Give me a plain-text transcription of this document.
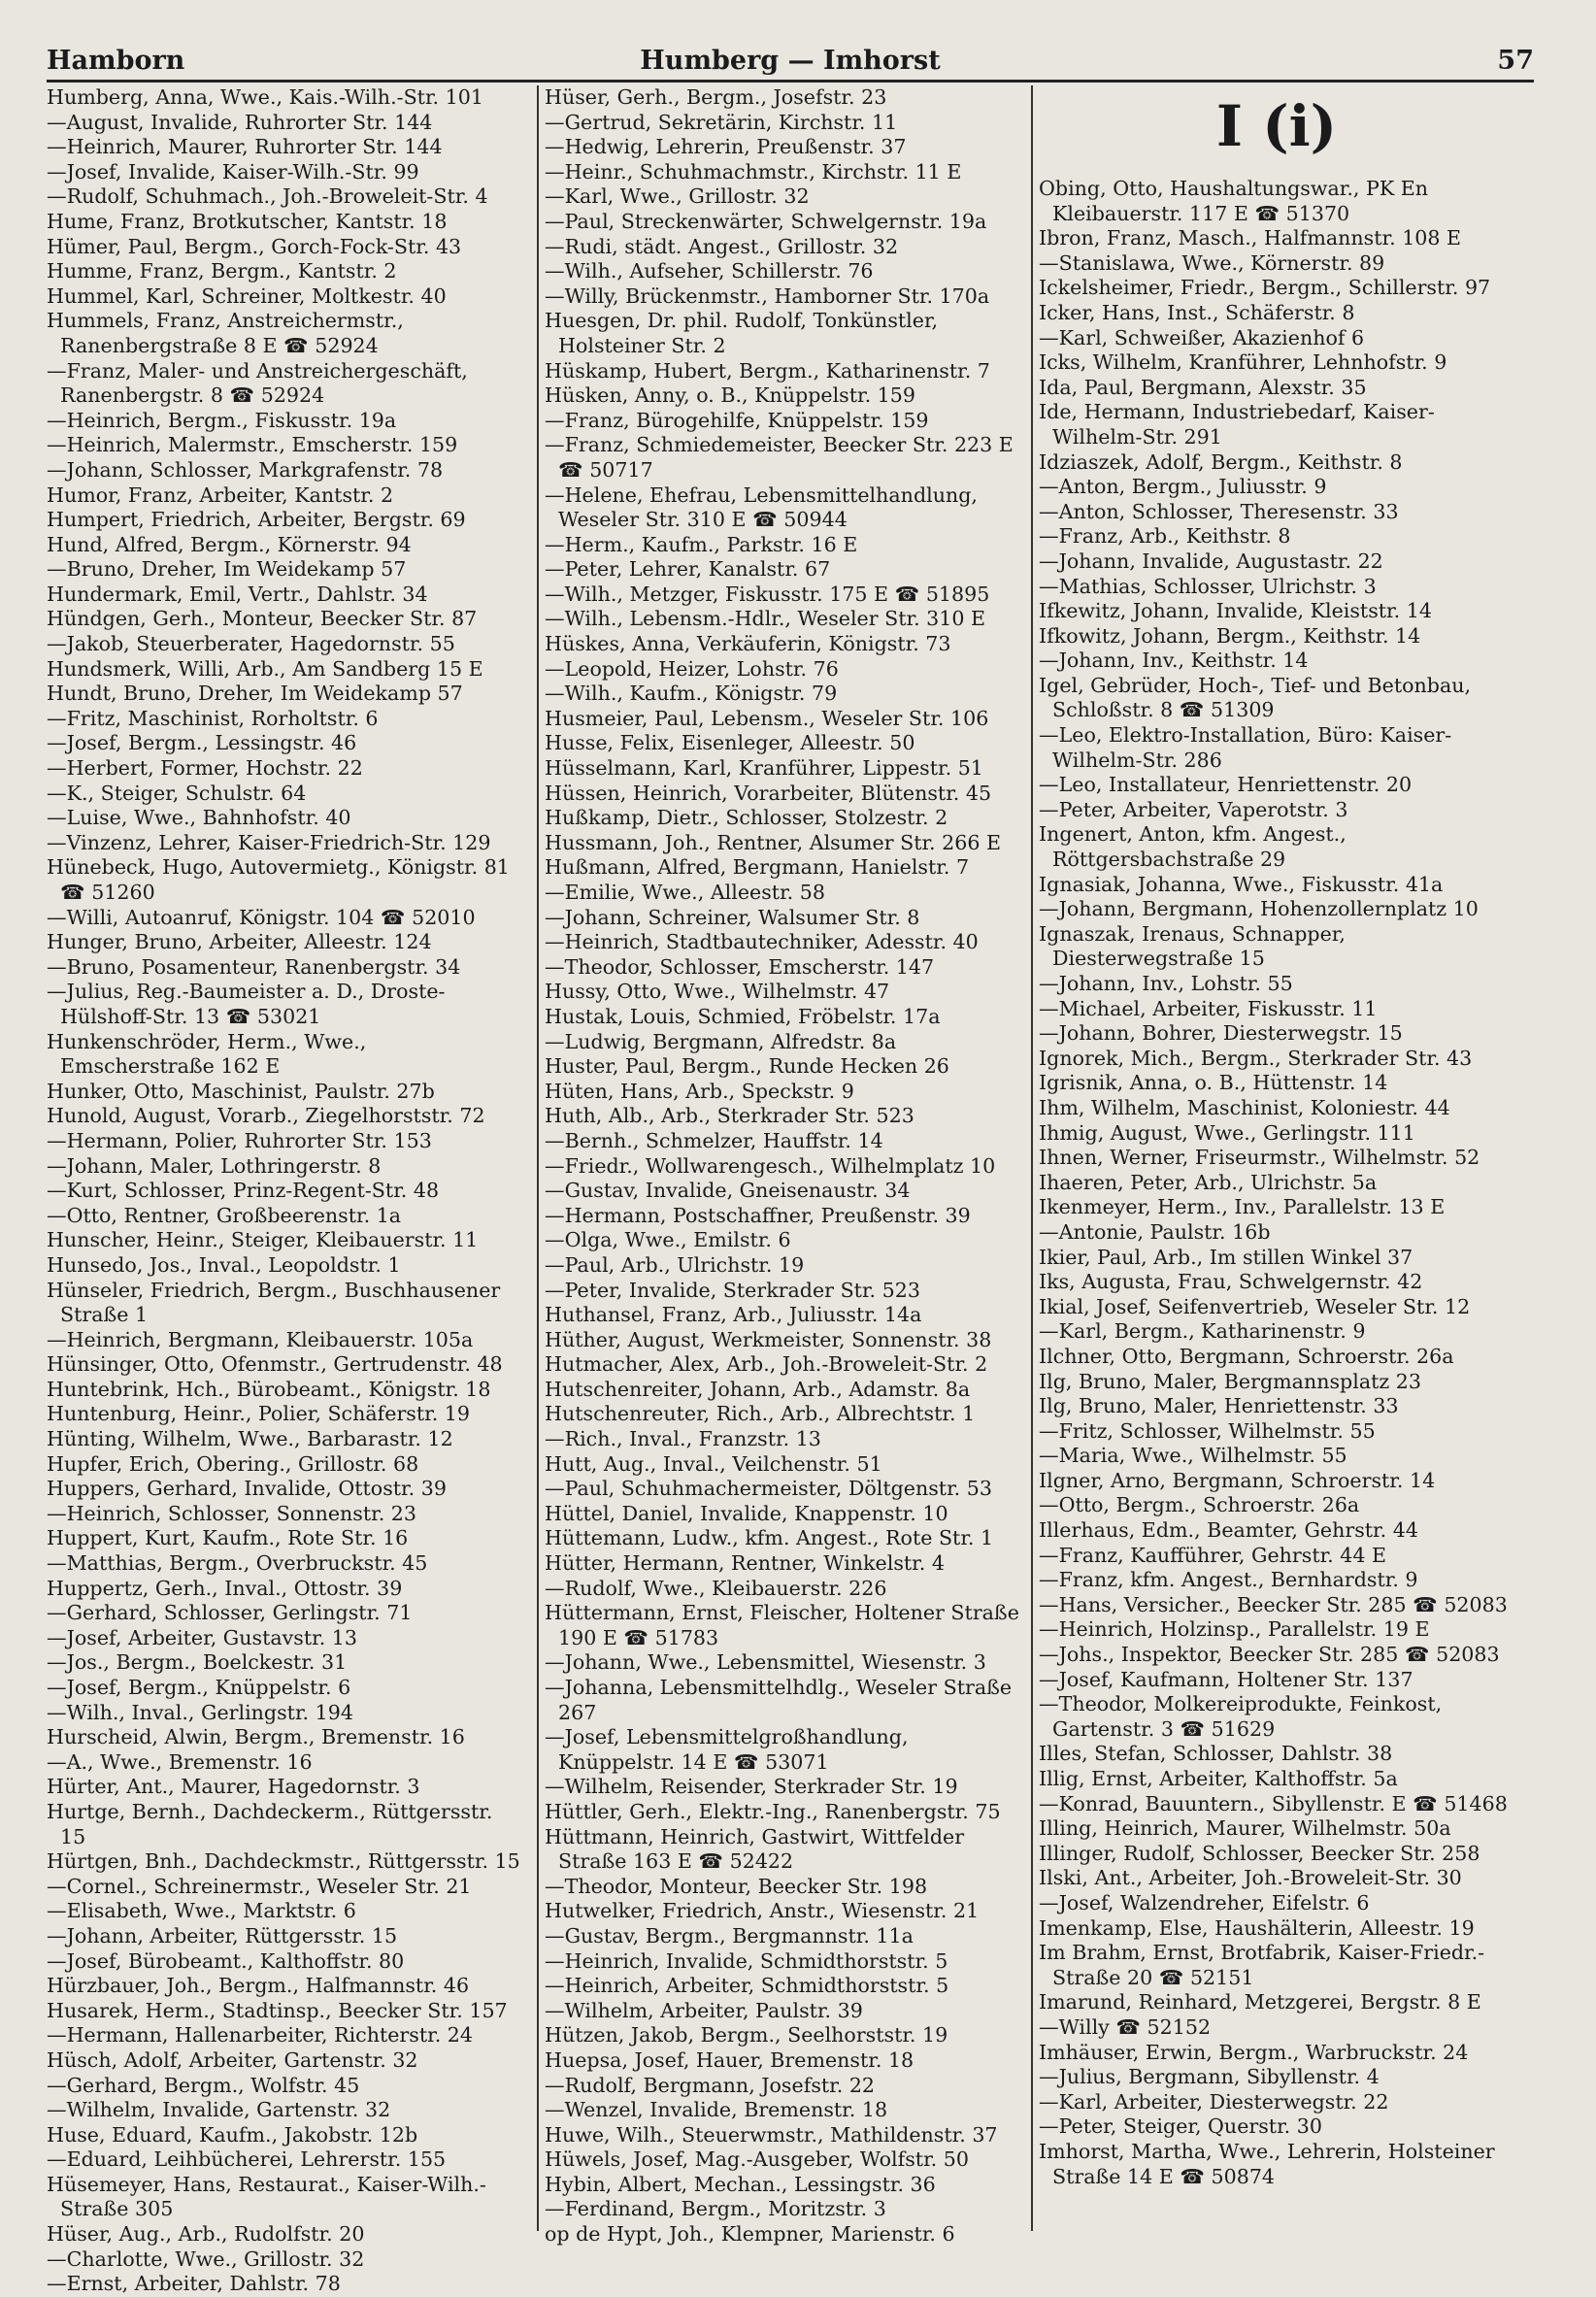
Hamborn	Humberg — Imhorst	57
Humberg, Anna, Wwe., Kais.-Wilh.-Str. 101
—August, Invalide, Ruhrorter Str. 144
—Heinrich, Maurer, Ruhrorter Str. 144
—Josef, Invalide, Kaiser-Wilh.-Str. 99
—Rudolf, Schuhmach., Joh.-Broweleit-Str. 4
Hume, Franz, Brotkutscher, Kantstr. 18
Hümer, Paul, Bergm., Gorch-Fock-Str. 43
Humme, Franz, Bergm., Kantstr. 2
Hummel, Karl, Schreiner, Moltkestr. 40
Hummels, Franz, Anstreichermstr., Ranenbergstraße 8 E ☎ 52924
—Franz, Maler- und Anstreichergeschäft, Ranenbergstr. 8 ☎ 52924
—Heinrich, Bergm., Fiskusstr. 19a
—Heinrich, Malermstr., Emscherstr. 159
—Johann, Schlosser, Markgrafenstr. 78
Humor, Franz, Arbeiter, Kantstr. 2
Humpert, Friedrich, Arbeiter, Bergstr. 69
Hund, Alfred, Bergm., Körnerstr. 94
—Bruno, Dreher, Im Weidekamp 57
Hundermark, Emil, Vertr., Dahlstr. 34
Hündgen, Gerh., Monteur, Beecker Str. 87
—Jakob, Steuerberater, Hagedornstr. 55
Hundsmerk, Willi, Arb., Am Sandberg 15 E
Hundt, Bruno, Dreher, Im Weidekamp 57
—Fritz, Maschinist, Rorholtstr. 6
—Josef, Bergm., Lessingstr. 46
—Herbert, Former, Hochstr. 22
—K., Steiger, Schulstr. 64
—Luise, Wwe., Bahnhofstr. 40
—Vinzenz, Lehrer, Kaiser-Friedrich-Str. 129
Hünebeck, Hugo, Autovermietg., Königstr. 81 ☎ 51260
—Willi, Autoanruf, Königstr. 104 ☎ 52010
Hunger, Bruno, Arbeiter, Alleestr. 124
—Bruno, Posamenteur, Ranenbergstr. 34
—Julius, Reg.-Baumeister a. D., Droste-Hülshoff-Str. 13 ☎ 53021
Hunkenschröder, Herm., Wwe., Emscherstraße 162 E
Hunker, Otto, Maschinist, Paulstr. 27b
Hunold, August, Vorarb., Ziegelhorststr. 72
—Hermann, Polier, Ruhrorter Str. 153
—Johann, Maler, Lothringerstr. 8
—Kurt, Schlosser, Prinz-Regent-Str. 48
—Otto, Rentner, Großbeerenstr. 1a
Hunscher, Heinr., Steiger, Kleibauerstr. 11
Hunsedo, Jos., Inval., Leopoldstr. 1
Hünseler, Friedrich, Bergm., Buschhausener Straße 1
—Heinrich, Bergmann, Kleibauerstr. 105a
Hünsinger, Otto, Ofenmstr., Gertrudenstr. 48
Huntebrink, Hch., Bürobeamt., Königstr. 18
Huntenburg, Heinr., Polier, Schäferstr. 19
Hünting, Wilhelm, Wwe., Barbarastr. 12
Hupfer, Erich, Obering., Grillostr. 68
Huppers, Gerhard, Invalide, Ottostr. 39
—Heinrich, Schlosser, Sonnenstr. 23
Huppert, Kurt, Kaufm., Rote Str. 16
—Matthias, Bergm., Overbruckstr. 45
Huppertz, Gerh., Inval., Ottostr. 39
—Gerhard, Schlosser, Gerlingstr. 71
—Josef, Arbeiter, Gustavstr. 13
—Jos., Bergm., Boelckestr. 31
—Josef, Bergm., Knüppelstr. 6
—Wilh., Inval., Gerlingstr. 194
Hurscheid, Alwin, Bergm., Bremenstr. 16
—A., Wwe., Bremenstr. 16
Hürter, Ant., Maurer, Hagedornstr. 3
Hurtge, Bernh., Dachdeckerm., Rüttgersstr. 15
Hürtgen, Bnh., Dachdeckmstr., Rüttgersstr. 15
—Cornel., Schreinermstr., Weseler Str. 21
—Elisabeth, Wwe., Marktstr. 6
—Johann, Arbeiter, Rüttgersstr. 15
—Josef, Bürobeamt., Kalthoffstr. 80
Hürzbauer, Joh., Bergm., Halfmannstr. 46
Husarek, Herm., Stadtinsp., Beecker Str. 157
—Hermann, Hallenarbeiter, Richterstr. 24
Hüsch, Adolf, Arbeiter, Gartenstr. 32
—Gerhard, Bergm., Wolfstr. 45
—Wilhelm, Invalide, Gartenstr. 32
Huse, Eduard, Kaufm., Jakobstr. 12b
—Eduard, Leihbücherei, Lehrerstr. 155
Hüsemeyer, Hans, Restaurat., Kaiser-Wilh.-Straße 305
Hüser, Aug., Arb., Rudolfstr. 20
—Charlotte, Wwe., Grillostr. 32
—Ernst, Arbeiter, Dahlstr. 78
Hüser, Gerh., Bergm., Josefstr. 23
—Gertrud, Sekretärin, Kirchstr. 11
—Hedwig, Lehrerin, Preußenstr. 37
—Heinr., Schuhmachmstr., Kirchstr. 11 E
—Karl, Wwe., Grillostr. 32
—Paul, Streckenwärter, Schwelgernstr. 19a
—Rudi, städt. Angest., Grillostr. 32
—Wilh., Aufseher, Schillerstr. 76
—Willy, Brückenmstr., Hamborner Str. 170a
Huesgen, Dr. phil. Rudolf, Tonkünstler, Holsteiner Str. 2
Hüskamp, Hubert, Bergm., Katharinenstr. 7
Hüsken, Anny, o. B., Knüppelstr. 159
—Franz, Bürogehilfe, Knüppelstr. 159
—Franz, Schmiedemeister, Beecker Str. 223 E ☎ 50717
—Helene, Ehefrau, Lebensmittelhandlung, Weseler Str. 310 E ☎ 50944
—Herm., Kaufm., Parkstr. 16 E
—Peter, Lehrer, Kanalstr. 67
—Wilh., Metzger, Fiskusstr. 175 E ☎ 51895
—Wilh., Lebensm.-Hdlr., Weseler Str. 310 E
Hüskes, Anna, Verkäuferin, Königstr. 73
—Leopold, Heizer, Lohstr. 76
—Wilh., Kaufm., Königstr. 79
Husmeier, Paul, Lebensm., Weseler Str. 106
Husse, Felix, Eisenleger, Alleestr. 50
Hüsselmann, Karl, Kranführer, Lippestr. 51
Hüssen, Heinrich, Vorarbeiter, Blütenstr. 45
Hußkamp, Dietr., Schlosser, Stolzestr. 2
Hussmann, Joh., Rentner, Alsumer Str. 266 E
Hußmann, Alfred, Bergmann, Hanielstr. 7
—Emilie, Wwe., Alleestr. 58
—Johann, Schreiner, Walsumer Str. 8
—Heinrich, Stadtbautechniker, Adesstr. 40
—Theodor, Schlosser, Emscherstr. 147
Hussy, Otto, Wwe., Wilhelmstr. 47
Hustak, Louis, Schmied, Fröbelstr. 17a
—Ludwig, Bergmann, Alfredstr. 8a
Huster, Paul, Bergm., Runde Hecken 26
Hüten, Hans, Arb., Speckstr. 9
Huth, Alb., Arb., Sterkrader Str. 523
—Bernh., Schmelzer, Hauffstr. 14
—Friedr., Wollwarengesch., Wilhelmplatz 10
—Gustav, Invalide, Gneisenaustr. 34
—Hermann, Postschaffner, Preußenstr. 39
—Olga, Wwe., Emilstr. 6
—Paul, Arb., Ulrichstr. 19
—Peter, Invalide, Sterkrader Str. 523
Huthansel, Franz, Arb., Juliusstr. 14a
Hüther, August, Werkmeister, Sonnenstr. 38
Hutmacher, Alex, Arb., Joh.-Broweleit-Str. 2
Hutschenreiter, Johann, Arb., Adamstr. 8a
Hutschenreuter, Rich., Arb., Albrechtstr. 1
—Rich., Inval., Franzstr. 13
Hutt, Aug., Inval., Veilchenstr. 51
—Paul, Schuhmachermeister, Döltgenstr. 53
Hüttel, Daniel, Invalide, Knappenstr. 10
Hüttemann, Ludw., kfm. Angest., Rote Str. 1
Hütter, Hermann, Rentner, Winkelstr. 4
—Rudolf, Wwe., Kleibauerstr. 226
Hüttermann, Ernst, Fleischer, Holtener Straße 190 E ☎ 51783
—Johann, Wwe., Lebensmittel, Wiesenstr. 3
—Johanna, Lebensmittelhdlg., Weseler Straße 267
—Josef, Lebensmittelgroßhandlung, Knüppelstr. 14 E ☎ 53071
—Wilhelm, Reisender, Sterkrader Str. 19
Hüttler, Gerh., Elektr.-Ing., Ranenbergstr. 75
Hüttmann, Heinrich, Gastwirt, Wittfelder Straße 163 E ☎ 52422
—Theodor, Monteur, Beecker Str. 198
Hutwelker, Friedrich, Anstr., Wiesenstr. 21
—Gustav, Bergm., Bergmannstr. 11a
—Heinrich, Invalide, Schmidthorststr. 5
—Heinrich, Arbeiter, Schmidthorststr. 5
—Wilhelm, Arbeiter, Paulstr. 39
Hützen, Jakob, Bergm., Seelhorststr. 19
Huepsa, Josef, Hauer, Bremenstr. 18
—Rudolf, Bergmann, Josefstr. 22
—Wenzel, Invalide, Bremenstr. 18
Huwe, Wilh., Steuerwmstr., Mathildenstr. 37
Hüwels, Josef, Mag.-Ausgeber, Wolfstr. 50
Hybin, Albert, Mechan., Lessingstr. 36
—Ferdinand, Bergm., Moritzstr. 3
op de Hypt, Joh., Klempner, Marienstr. 6
I (i)
Obing, Otto, Haushaltungswar., PK En Kleibauerstr. 117 E ☎ 51370
Ibron, Franz, Masch., Halfmannstr. 108 E
—Stanislawa, Wwe., Körnerstr. 89
Ickelsheimer, Friedr., Bergm., Schillerstr. 97
Icker, Hans, Inst., Schäferstr. 8
—Karl, Schweißer, Akazienhof 6
Icks, Wilhelm, Kranführer, Lehnhofstr. 9
Ida, Paul, Bergmann, Alexstr. 35
Ide, Hermann, Industriebedarf, Kaiser-Wilhelm-Str. 291
Idziaszek, Adolf, Bergm., Keithstr. 8
—Anton, Bergm., Juliusstr. 9
—Anton, Schlosser, Theresenstr. 33
—Franz, Arb., Keithstr. 8
—Johann, Invalide, Augustastr. 22
—Mathias, Schlosser, Ulrichstr. 3
Ifkewitz, Johann, Invalide, Kleiststr. 14
Ifkowitz, Johann, Bergm., Keithstr. 14
—Johann, Inv., Keithstr. 14
Igel, Gebrüder, Hoch-, Tief- und Betonbau, Schloßstr. 8 ☎ 51309
—Leo, Elektro-Installation, Büro: Kaiser-Wilhelm-Str. 286
—Leo, Installateur, Henriettenstr. 20
—Peter, Arbeiter, Vaperotstr. 3
Ingenert, Anton, kfm. Angest., Röttgersbachstraße 29
Ignasiak, Johanna, Wwe., Fiskusstr. 41a
—Johann, Bergmann, Hohenzollernplatz 10
Ignaszak, Irenaus, Schnapper, Diesterwegstraße 15
—Johann, Inv., Lohstr. 55
—Michael, Arbeiter, Fiskusstr. 11
—Johann, Bohrer, Diesterwegstr. 15
Ignorek, Mich., Bergm., Sterkrader Str. 43
Igrisnik, Anna, o. B., Hüttenstr. 14
Ihm, Wilhelm, Maschinist, Koloniestr. 44
Ihmig, August, Wwe., Gerlingstr. 111
Ihnen, Werner, Friseurmstr., Wilhelmstr. 52
Ihaeren, Peter, Arb., Ulrichstr. 5a
Ikenmeyer, Herm., Inv., Parallelstr. 13 E
—Antonie, Paulstr. 16b
Ikier, Paul, Arb., Im stillen Winkel 37
Iks, Augusta, Frau, Schwelgernstr. 42
Ikial, Josef, Seifenvertrieb, Weseler Str. 12
—Karl, Bergm., Katharinenstr. 9
Ilchner, Otto, Bergmann, Schroerstr. 26a
Ilg, Bruno, Maler, Bergmannsplatz 23
Ilg, Bruno, Maler, Henriettenstr. 33
—Fritz, Schlosser, Wilhelmstr. 55
—Maria, Wwe., Wilhelmstr. 55
Ilgner, Arno, Bergmann, Schroerstr. 14
—Otto, Bergm., Schroerstr. 26a
Illerhaus, Edm., Beamter, Gehrstr. 44
—Franz, Kaufführer, Gehrstr. 44 E
—Franz, kfm. Angest., Bernhardstr. 9
—Hans, Versicher., Beecker Str. 285 ☎ 52083
—Heinrich, Holzinsp., Parallelstr. 19 E
—Johs., Inspektor, Beecker Str. 285 ☎ 52083
—Josef, Kaufmann, Holtener Str. 137
—Theodor, Molkereiprodukte, Feinkost, Gartenstr. 3 ☎ 51629
Illes, Stefan, Schlosser, Dahlstr. 38
Illig, Ernst, Arbeiter, Kalthoffstr. 5a
—Konrad, Bauuntern., Sibyllenstr. E ☎ 51468
Illing, Heinrich, Maurer, Wilhelmstr. 50a
Illinger, Rudolf, Schlosser, Beecker Str. 258
Ilski, Ant., Arbeiter, Joh.-Broweleit-Str. 30
—Josef, Walzendreher, Eifelstr. 6
Imenkamp, Else, Haushälterin, Alleestr. 19
Im Brahm, Ernst, Brotfabrik, Kaiser-Friedr.-Straße 20 ☎ 52151
Imarund, Reinhard, Metzgerei, Bergstr. 8 E
—Willy ☎ 52152
Imhäuser, Erwin, Bergm., Warbruckstr. 24
—Julius, Bergmann, Sibyllenstr. 4
—Karl, Arbeiter, Diesterwegstr. 22
—Peter, Steiger, Querstr. 30
Imhorst, Martha, Wwe., Lehrerin, Holsteiner Straße 14 E ☎ 50874
